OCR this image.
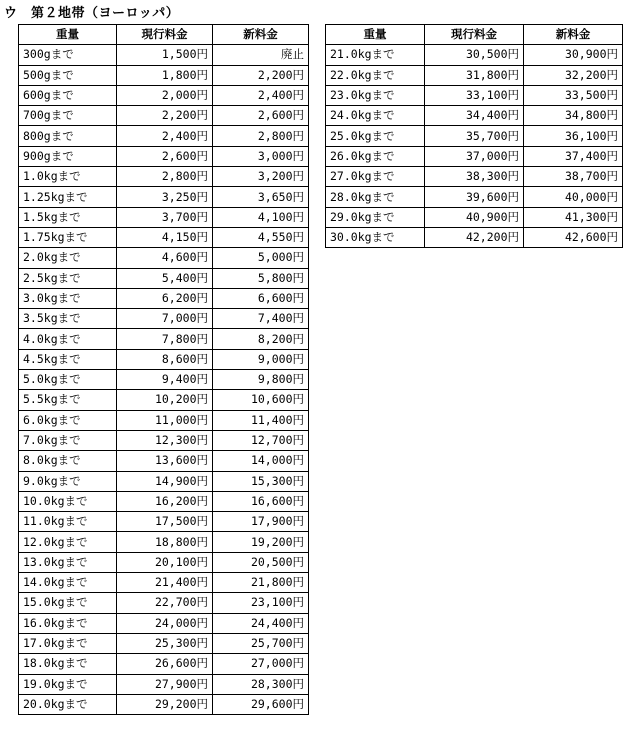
ウ　第２地帯（ヨーロッパ）
重量	現行料金	新料金
300gまで	1,500円	廃止
500gまで	1,800円	2,200円
600gまで	2,000円	2,400円
700gまで	2,200円	2,600円
800gまで	2,400円	2,800円
900gまで	2,600円	3,000円
1.0kgまで	2,800円	3,200円
1.25kgまで	3,250円	3,650円
1.5kgまで	3,700円	4,100円
1.75kgまで	4,150円	4,550円
2.0kgまで	4,600円	5,000円
2.5kgまで	5,400円	5,800円
3.0kgまで	6,200円	6,600円
3.5kgまで	7,000円	7,400円
4.0kgまで	7,800円	8,200円
4.5kgまで	8,600円	9,000円
5.0kgまで	9,400円	9,800円
5.5kgまで	10,200円	10,600円
6.0kgまで	11,000円	11,400円
7.0kgまで	12,300円	12,700円
8.0kgまで	13,600円	14,000円
9.0kgまで	14,900円	15,300円
10.0kgまで	16,200円	16,600円
11.0kgまで	17,500円	17,900円
12.0kgまで	18,800円	19,200円
13.0kgまで	20,100円	20,500円
14.0kgまで	21,400円	21,800円
15.0kgまで	22,700円	23,100円
16.0kgまで	24,000円	24,400円
17.0kgまで	25,300円	25,700円
18.0kgまで	26,600円	27,000円
19.0kgまで	27,900円	28,300円
20.0kgまで	29,200円	29,600円
重量	現行料金	新料金
21.0kgまで	30,500円	30,900円
22.0kgまで	31,800円	32,200円
23.0kgまで	33,100円	33,500円
24.0kgまで	34,400円	34,800円
25.0kgまで	35,700円	36,100円
26.0kgまで	37,000円	37,400円
27.0kgまで	38,300円	38,700円
28.0kgまで	39,600円	40,000円
29.0kgまで	40,900円	41,300円
30.0kgまで	42,200円	42,600円
